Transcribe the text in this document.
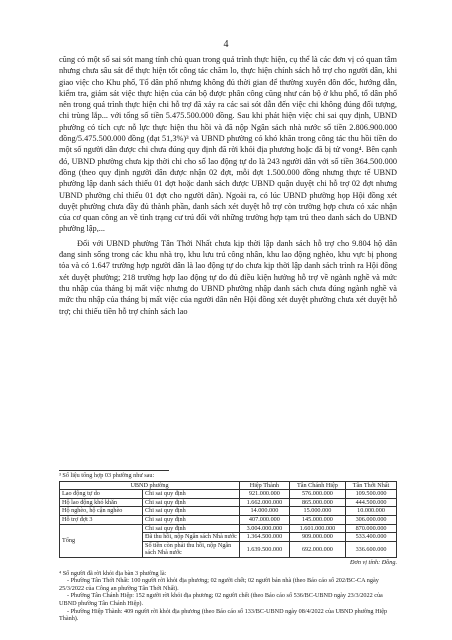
4

cũng có một số sai sót mang tính chủ quan trong quá trình thực hiện, cụ thể là các đơn vị có quan tâm nhưng chưa sâu sát để thực hiện tốt công tác chăm lo, thực hiện chính sách hỗ trợ cho người dân, khi giao việc cho Khu phố, Tổ dân phố nhưng không đủ thời gian để thường xuyên đôn đốc, hướng dẫn, kiểm tra, giám sát việc thực hiện của cán bộ được phân công cũng như cán bộ ở khu phố, tổ dân phố nên trong quá trình thực hiện chi hỗ trợ đã xảy ra các sai sót dẫn đến việc chi không đúng đối tượng, chi trùng lắp... với tổng số tiền 5.475.500.000 đồng. Sau khi phát hiện việc chi sai quy định, UBND phường có tích cực nỗ lực thực hiện thu hồi và đã nộp Ngân sách nhà nước số tiền 2.806.900.000 đồng/5.475.500.000 đồng (đạt 51,3%)³ và UBND phường có khó khăn trong công tác thu hồi tiền do một số người dân được chi chưa đúng quy định đã rời khỏi địa phương hoặc đã bị tử vong⁴. Bên cạnh đó, UBND phường chưa kịp thời chi cho số lao động tự do là 243 người dân với số tiền 364.500.000 đồng (theo quy định người dân được nhận 02 đợt, mỗi đợt 1.500.000 đồng nhưng thực tế UBND phường lập danh sách thiếu 01 đợt hoặc danh sách được UBND quận duyệt chi hỗ trợ 02 đợt nhưng UBND phường chỉ thiếu 01 đợt cho người dân). Ngoài ra, có lúc UBND phường họp Hội đồng xét duyệt phường chưa đầy đủ thành phần, danh sách xét duyệt hỗ trợ còn trường hợp chưa có xác nhận của cơ quan công an về tình trạng cư trú đối với những trường hợp tạm trú theo danh sách do UBND phường lập,...

Đối với UBND phường Tân Thới Nhất chưa kịp thời lập danh sách hỗ trợ cho 9.804 hộ dân đang sinh sống trong các khu nhà trọ, khu lưu trú công nhân, khu lao động nghèo, khu vực bị phong tỏa và có 1.647 trường hợp người dân là lao động tự do chưa kịp thời lập danh sách trình ra Hội đồng xét duyệt phường; 218 trường hợp lao động tự do đủ điều kiện hưởng hỗ trợ về ngành nghề và mức thu nhập của tháng bị mất việc nhưng do UBND phường nhập danh sách chưa đúng ngành nghề và mức thu nhập của tháng bị mất việc của người dân nên Hội đồng xét duyệt phường chưa xét duyệt hỗ trợ; chi thiếu tiền hỗ trợ chính sách lao

³ Số liệu tổng hợp 03 phường như sau:
UBND phường		Hiệp Thành	Tân Chánh Hiệp	Tân Thới Nhất
Lao động tự do	Chi sai quy định	921.000.000	576.000.000	109.500.000
Hộ lao động khó khăn	Chi sai quy định	1.662.000.000	865.000.000	444.500.000
Hộ nghèo, hộ cận nghèo	Chi sai quy định	14.000.000	15.000.000	10.000.000
Hỗ trợ đợt 3	Chi sai quy định	407.000.000	145.000.000	306.000.000
Tổng	Chi sai quy định	3.004.000.000	1.601.000.000	870.000.000
	Đã thu hồi, nộp Ngân sách Nhà nước	1.364.500.000	909.000.000	533.400.000
	Số tiền còn phải thu hồi, nộp Ngân sách Nhà nước	1.639.500.000	692.000.000	336.600.000
Đơn vị tính: Đồng.

⁴ Số người đã rời khỏi địa bàn 3 phường là:

- Phường Tân Thới Nhất: 100 người rời khỏi địa phương; 02 người chết; 02 người bán nhà (theo Báo cáo số 202/BC-CA ngày 25/3/2022 của Công an phường Tân Thới Nhất).

- Phường Tân Chánh Hiệp: 152 người rời khỏi địa phương; 02 người chết (theo Báo cáo số 536/BC-UBND ngày 23/3/2022 của UBND phường Tân Chánh Hiệp).

- Phường Hiệp Thành: 409 người rời khỏi địa phương (theo Báo cáo số 133/BC-UBND ngày 08/4/2022 của UBND phường Hiệp Thành).
